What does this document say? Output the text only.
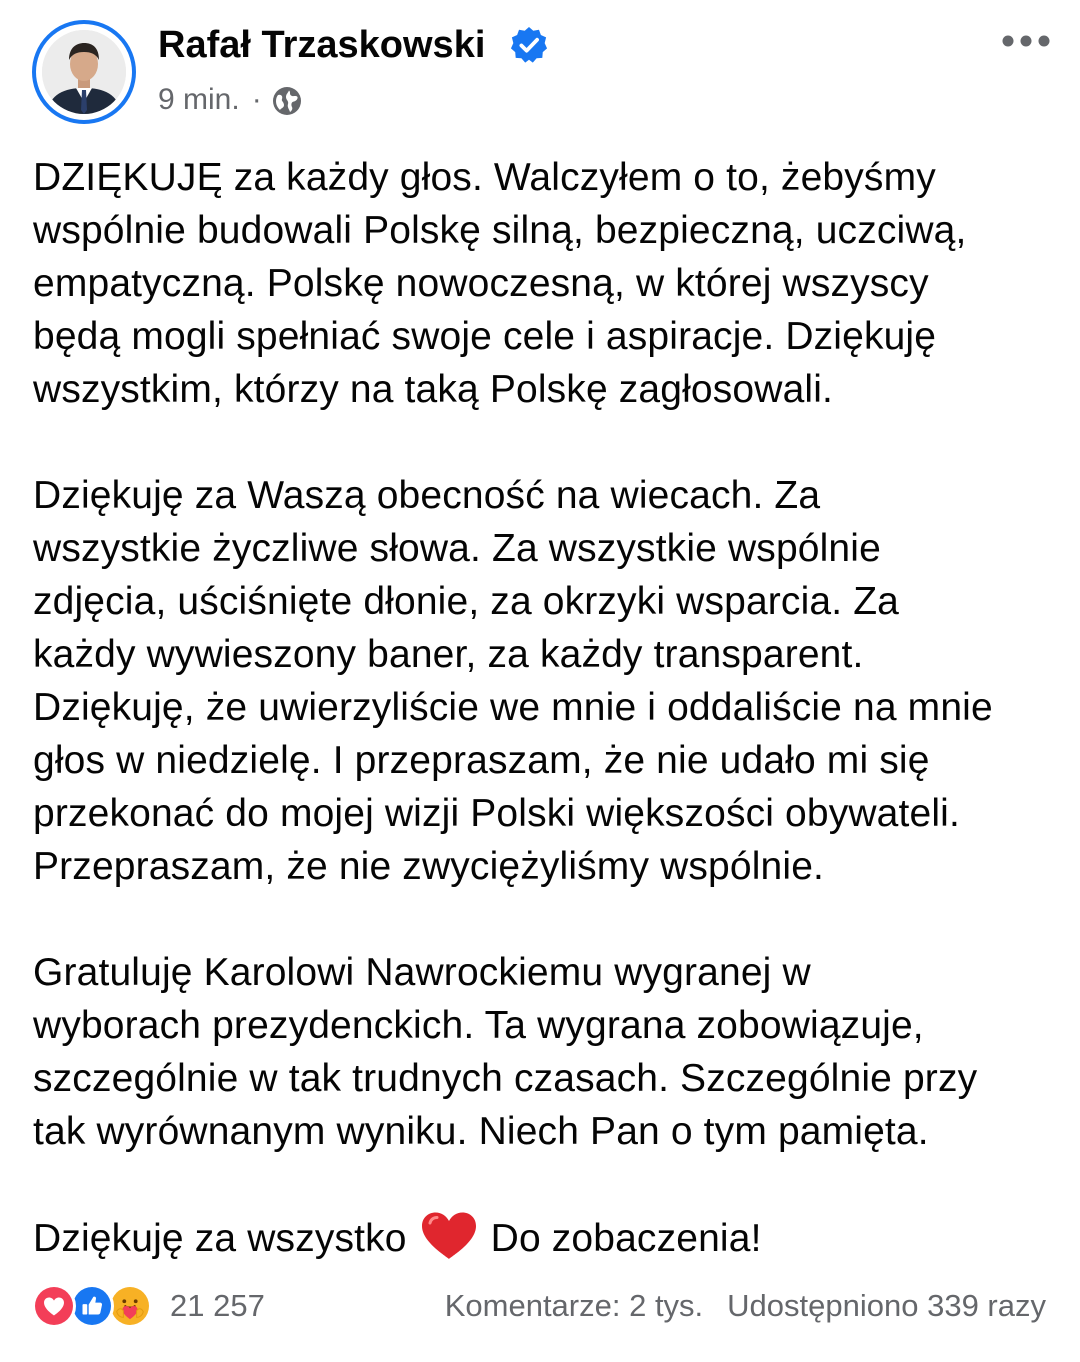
Rafał Trzaskowski
9 min. ·

DZIĘKUJĘ za każdy głos. Walczyłem o to, żebyśmy

wspólnie budowali Polskę silną, bezpieczną, uczciwą,

empatyczną. Polskę nowoczesną, w której wszyscy

będą mogli spełniać swoje cele i aspiracje. Dziękuję

wszystkim, którzy na taką Polskę zagłosowali.

Dziękuję za Waszą obecność na wiecach. Za

wszystkie życzliwe słowa. Za wszystkie wspólnie

zdjęcia, uściśnięte dłonie, za okrzyki wsparcia. Za

każdy wywieszony baner, za każdy transparent.

Dziękuję, że uwierzyliście we mnie i oddaliście na mnie

głos w niedzielę. I przepraszam, że nie udało mi się

przekonać do mojej wizji Polski większości obywateli.

Przepraszam, że nie zwyciężyliśmy wspólnie.

Gratuluję Karolowi Nawrockiemu wygranej w

wyborach prezydenckich. Ta wygrana zobowiązuje,

szczególnie w tak trudnych czasach. Szczególnie przy

tak wyrównanym wyniku. Niech Pan o tym pamięta.

Dziękuję za wszystko Do zobaczenia!

21 257	Komentarze: 2 tys. Udostępniono 339 razy
